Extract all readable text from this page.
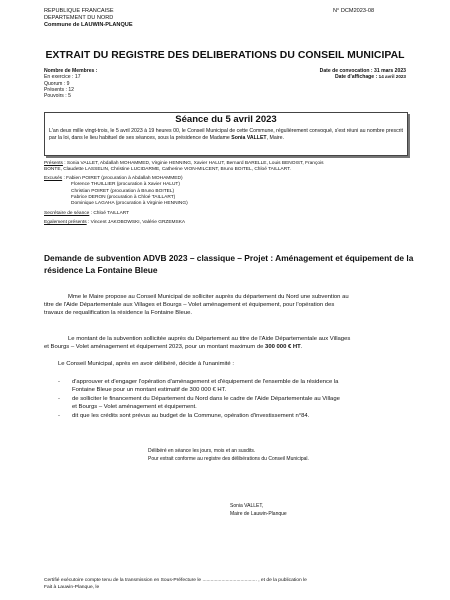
REPUBLIQUE FRANCAISE
DEPARTEMENT DU NORD
Commune de LAUWIN-PLANQUE
N° DCM2023-08
EXTRAIT DU REGISTRE DES DELIBERATIONS DU CONSEIL MUNICIPAL
Nombre de Membres :
En exercice : 17
Quorum : 9
Présents : 12
Pouvoirs : 5
Date de convocation : 31 mars 2023
Date d'affichage : 14 avril 2023
Séance du 5 avril 2023
L'an deux mille vingt-trois, le 5 avril 2023 à 19 heures 00, le Conseil Municipal de cette Commune, régulièrement convoqué, s'est réuni au nombre prescrit par la loi, dans le lieu habituel de ses séances, sous la présidence de Madame Sonia VALLET, Maire.
Présents : Sonia VALLET, Abdallah MOHAMMED, Virginie HENNING, Xavier HALUT, Bernard BARELLE, Louis BENOIST, François
BONTE, Claudette LASSELIN, Christine LUCIDARME, Catherine VION-MILCENT, Bruno BOITEL, Chloé TAILLART.
Excusés : Fabien POIRET (procuration à Abdallah MOHAMMED)
Florence THUILLIER (procuration à Xavier HALUT)
Christian POIRET (procuration à Bruno BOITEL)
Fabrice DERON (procuration à Chloé TAILLART)
Dominique LAGAHA (procuration à Virginie HENNING)
Secrétaire de séance : Chloé TAILLART
Egalement présents : Vincent JAKOBOWSKI, Valérie GRZEMSKA
Demande de subvention ADVB 2023 – classique – Projet : Aménagement et équipement de la
résidence La Fontaine Bleue
Mme le Maire propose au Conseil Municipal de solliciter auprès du département du Nord une subvention au
titre de l'Aide Départementale aux Villages et Bourgs – Volet aménagement et équipement, pour l'opération des
travaux de requalification la résidence la Fontaine Bleue.
Le montant de la subvention sollicitée auprès du Département au titre de l'Aide Départementale aux Villages
et Bourgs – Volet aménagement et équipement 2023, pour un montant maximum de 300 000 € HT.
Le Conseil Municipal, après en avoir délibéré, décide à l'unanimité :
- d'approuver et d'engager l'opération d'aménagement et d'équipement de l'ensemble de la résidence la
Fontaine Bleue pour un montant estimatif de 300 000 € HT.
- de solliciter le financement du Département du Nord dans le cadre de l'Aide Départementale au Village
et Bourgs – Volet aménagement et équipement.
- dit que les crédits sont prévus au budget de la Commune, opération d'investissement n°84.
Délibéré en séance les jours, mois et an susdits.
Pour extrait conforme au registre des délibérations du Conseil Municipal.
Sonia VALLET,
Maire de Lauwin-Planque
Certifié exécutoire compte tenu de la transmission en Sous-Préfecture le ........................................ , et de la publication le
Fait à Lauwin-Planque, le
